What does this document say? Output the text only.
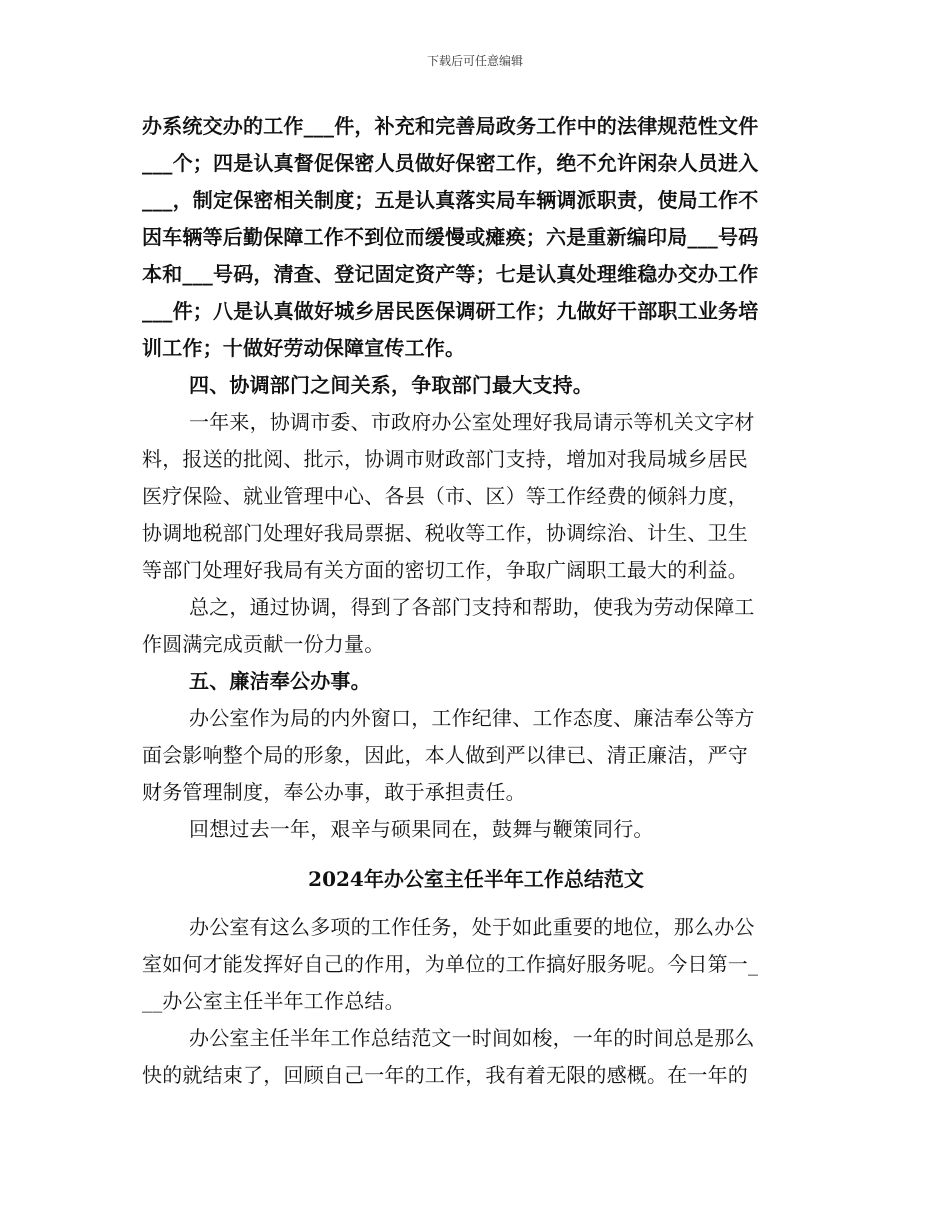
下载后可任意编辑
办系统交办的工作___件，补充和完善局政务工作中的法律规范性文件
___个；四是认真督促保密人员做好保密工作，绝不允许闲杂人员进入
___，制定保密相关制度；五是认真落实局车辆调派职责，使局工作不
因车辆等后勤保障工作不到位而缓慢或瘫痪；六是重新编印局___号码
本和___号码，清查、登记固定资产等；七是认真处理维稳办交办工作
___件；八是认真做好城乡居民医保调研工作；九做好干部职工业务培
训工作；十做好劳动保障宣传工作。
四、协调部门之间关系，争取部门最大支持。
一年来，协调市委、市政府办公室处理好我局请示等机关文字材
料，报送的批阅、批示，协调市财政部门支持，增加对我局城乡居民
医疗保险、就业管理中心、各县（市、区）等工作经费的倾斜力度，
协调地税部门处理好我局票据、税收等工作，协调综治、计生、卫生
等部门处理好我局有关方面的密切工作，争取广阔职工最大的利益。
总之，通过协调，得到了各部门支持和帮助，使我为劳动保障工
作圆满完成贡献一份力量。
五、廉洁奉公办事。
办公室作为局的内外窗口，工作纪律、工作态度、廉洁奉公等方
面会影响整个局的形象，因此，本人做到严以律已、清正廉洁，严守
财务管理制度，奉公办事，敢于承担责任。
回想过去一年，艰辛与硕果同在，鼓舞与鞭策同行。
2024年办公室主任半年工作总结范文
办公室有这么多项的工作任务，处于如此重要的地位，那么办公
室如何才能发挥好自己的作用，为单位的工作搞好服务呢。今日第一_
__办公室主任半年工作总结。
办公室主任半年工作总结范文一时间如梭，一年的时间总是那么
快的就结束了，回顾自己一年的工作，我有着无限的感概。在一年的
